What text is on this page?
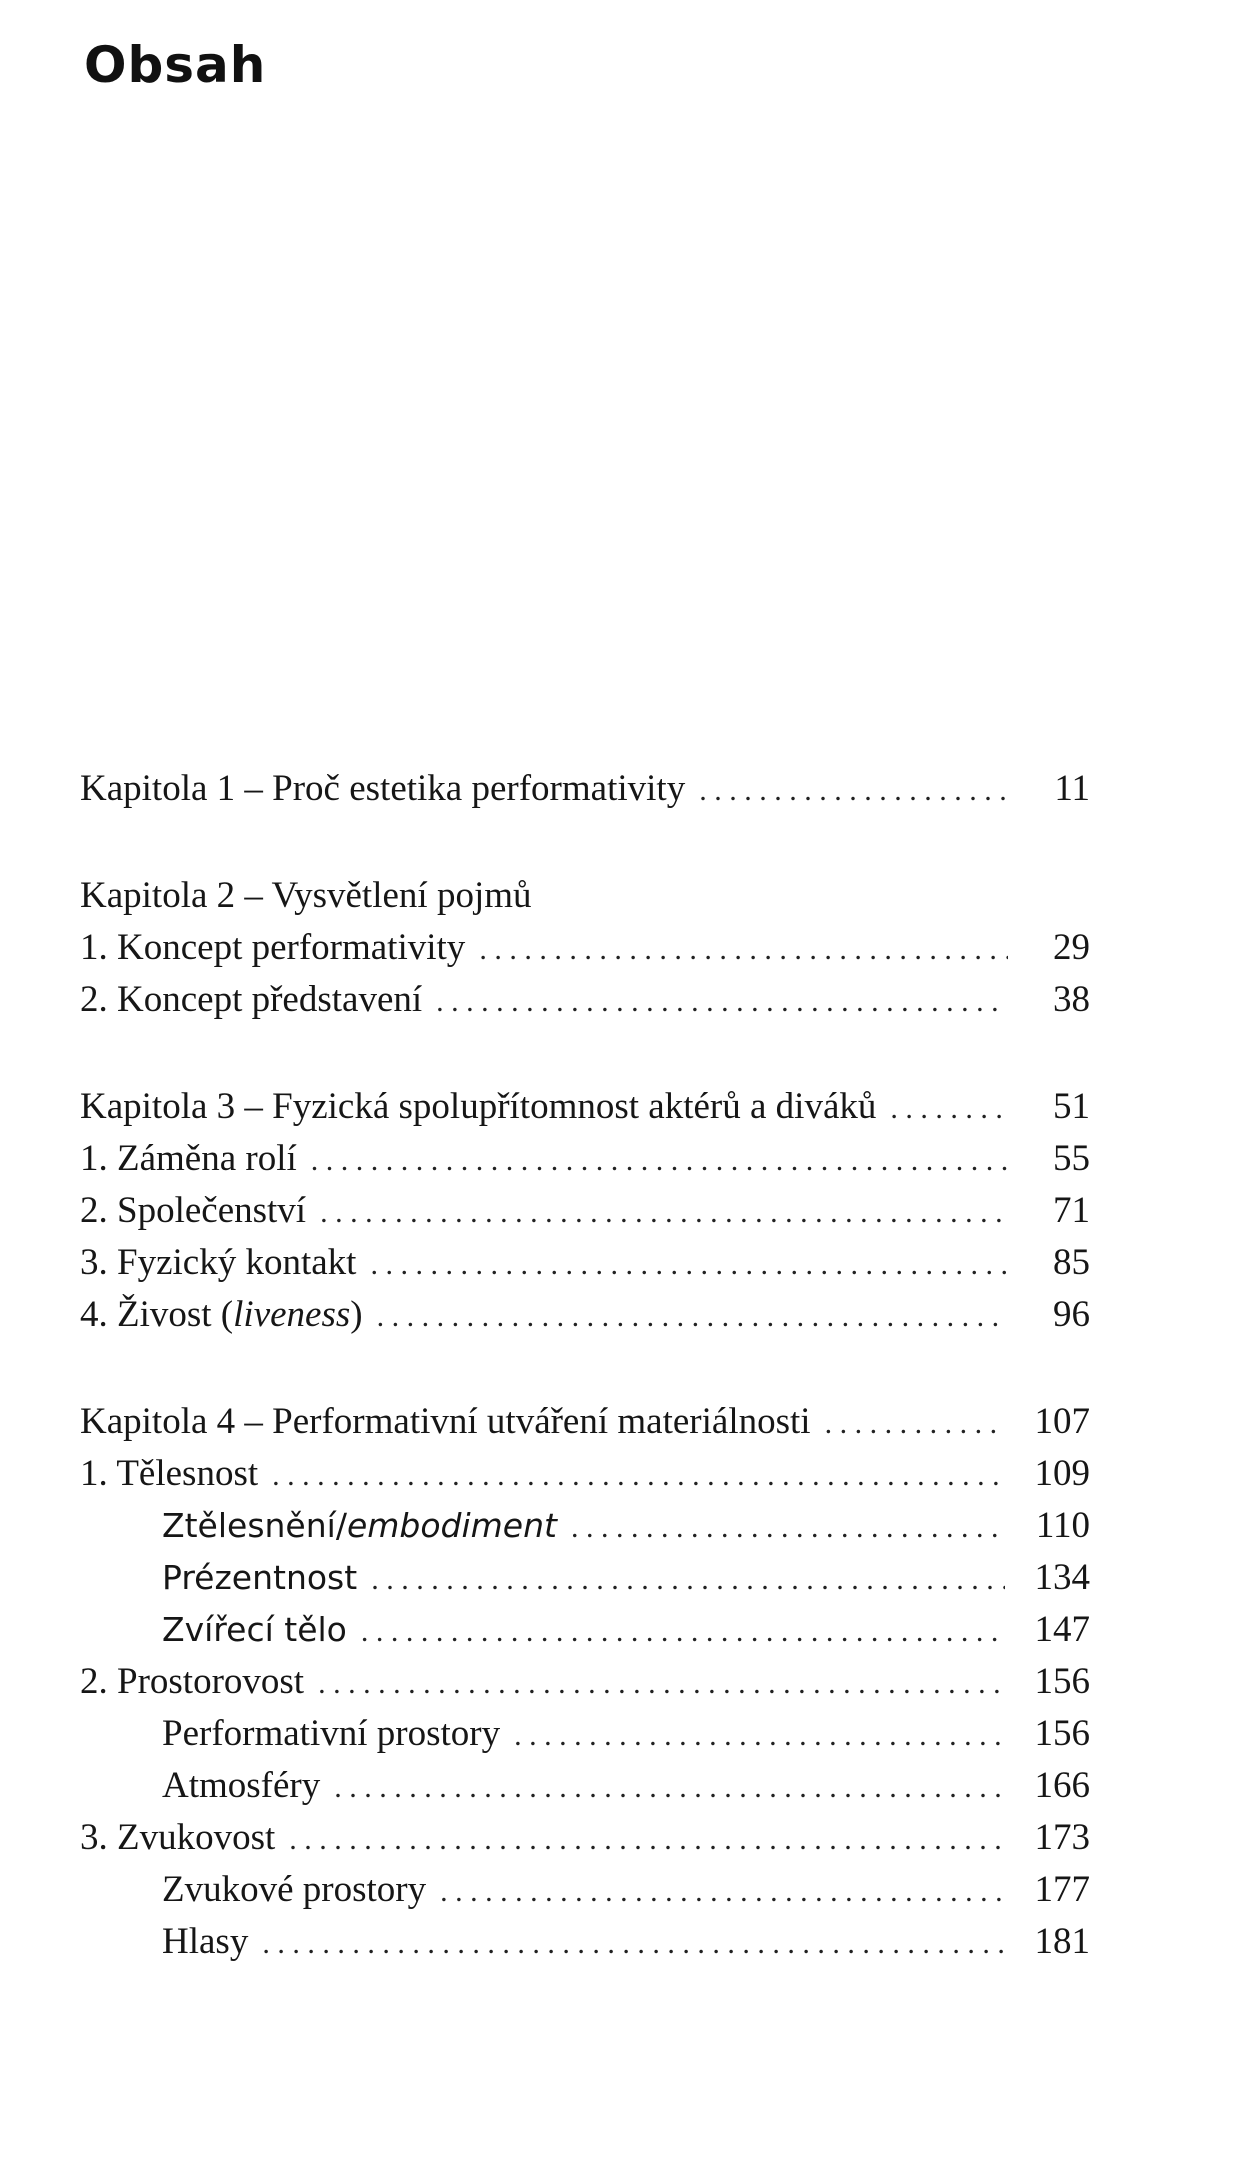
Obsah
Kapitola 1 – Proč estetika performativity . . .	11
Kapitola 2 – Vysvětlení pojmů
1. Koncept performativity . . .	29
2. Koncept představení . . .	38
Kapitola 3 – Fyzická spolupřítomnost aktérů a diváků . . .	51
1. Záměna rolí . . .	55
2. Společenství . . .	71
3. Fyzický kontakt . . .	85
4. Živost (liveness) . . .	96
Kapitola 4 – Performativní utváření materiálnosti . . .	107
1. Tělesnost . . .	109
Ztělesnění/embodiment . . .	110
Prézentnost . . .	134
Zvířecí tělo . . .	147
2. Prostorovost . . .	156
Performativní prostory . . .	156
Atmosféry . . .	166
3. Zvukovost . . .	173
Zvukové prostory . . .	177
Hlasy . . .	181
